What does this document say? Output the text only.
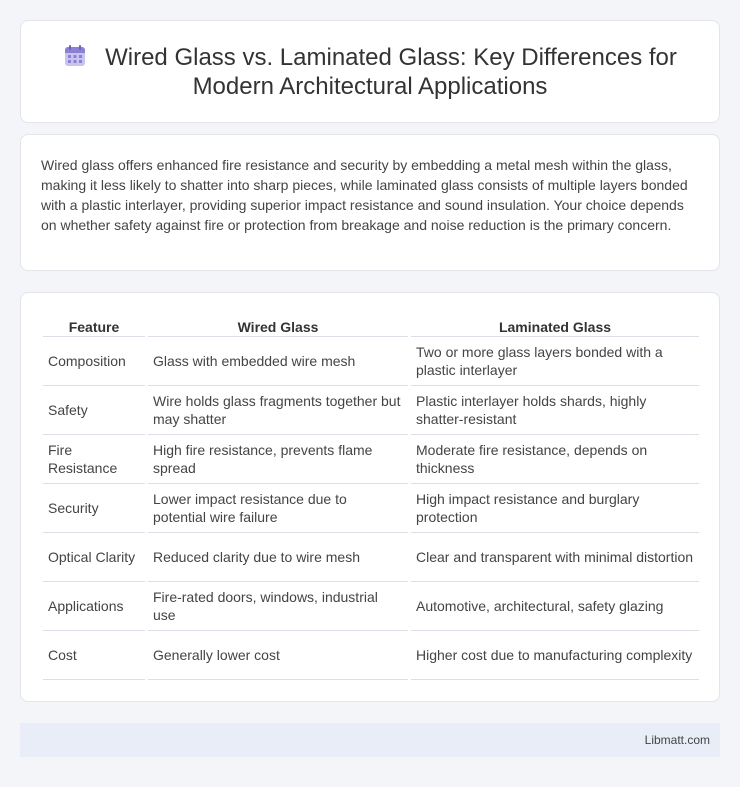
Wired Glass vs. Laminated Glass: Key Differences for Modern Architectural Applications

Wired glass offers enhanced fire resistance and security by embedding a metal mesh within the glass, making it less likely to shatter into sharp pieces, while laminated glass consists of multiple layers bonded with a plastic interlayer, providing superior impact resistance and sound insulation. Your choice depends on whether safety against fire or protection from breakage and noise reduction is the primary concern.

Feature	Wired Glass	Laminated Glass
Composition	Glass with embedded wire mesh	Two or more glass layers bonded with a plastic interlayer
Safety	Wire holds glass fragments together but may shatter	Plastic interlayer holds shards, highly shatter-resistant
Fire Resistance	High fire resistance, prevents flame spread	Moderate fire resistance, depends on thickness
Security	Lower impact resistance due to potential wire failure	High impact resistance and burglary protection
Optical Clarity	Reduced clarity due to wire mesh	Clear and transparent with minimal distortion
Applications	Fire-rated doors, windows, industrial use	Automotive, architectural, safety glazing
Cost	Generally lower cost	Higher cost due to manufacturing complexity
Libmatt.com
